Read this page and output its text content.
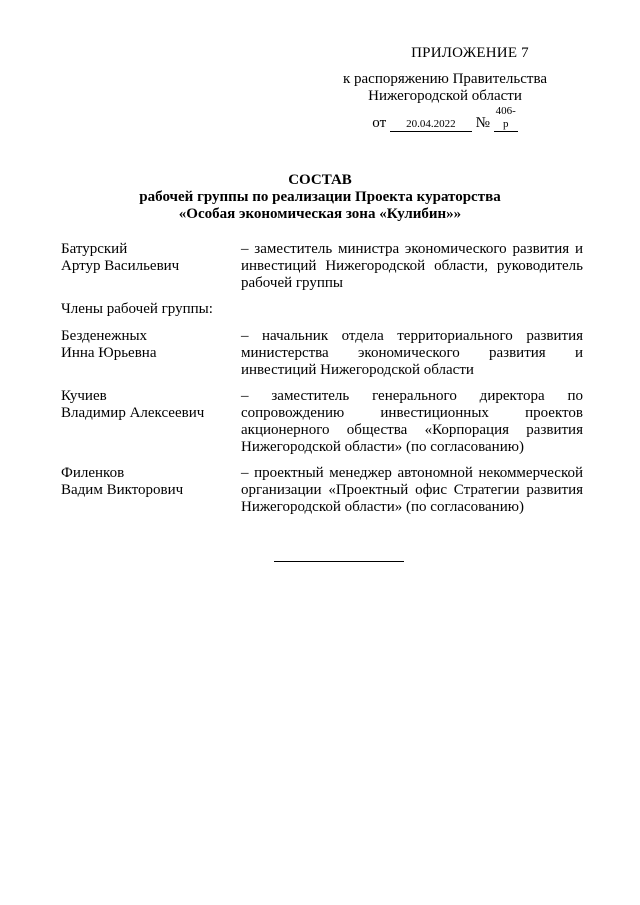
ПРИЛОЖЕНИЕ 7
к распоряжению Правительства
Нижегородской области
от 20.04.2022 № 406-р
СОСТАВ
рабочей группы по реализации Проекта кураторства
«Особая экономическая зона «Кулибин»»
Батурский
Артур Васильевич
– заместитель министра экономического развития и инвестиций Нижегородской области, руководитель рабочей группы
Члены рабочей группы:
Безденежных
Инна Юрьевна
– начальник отдела территориального развития министерства экономического развития и инвестиций Нижегородской области
Кучиев
Владимир Алексеевич
– заместитель генерального директора по сопровождению инвестиционных проектов акционерного общества «Корпорация развития Нижегородской области» (по согласованию)
Филенков
Вадим Викторович
– проектный менеджер автономной некоммерческой организации «Проектный офис Стратегии развития Нижегородской области» (по согласованию)
